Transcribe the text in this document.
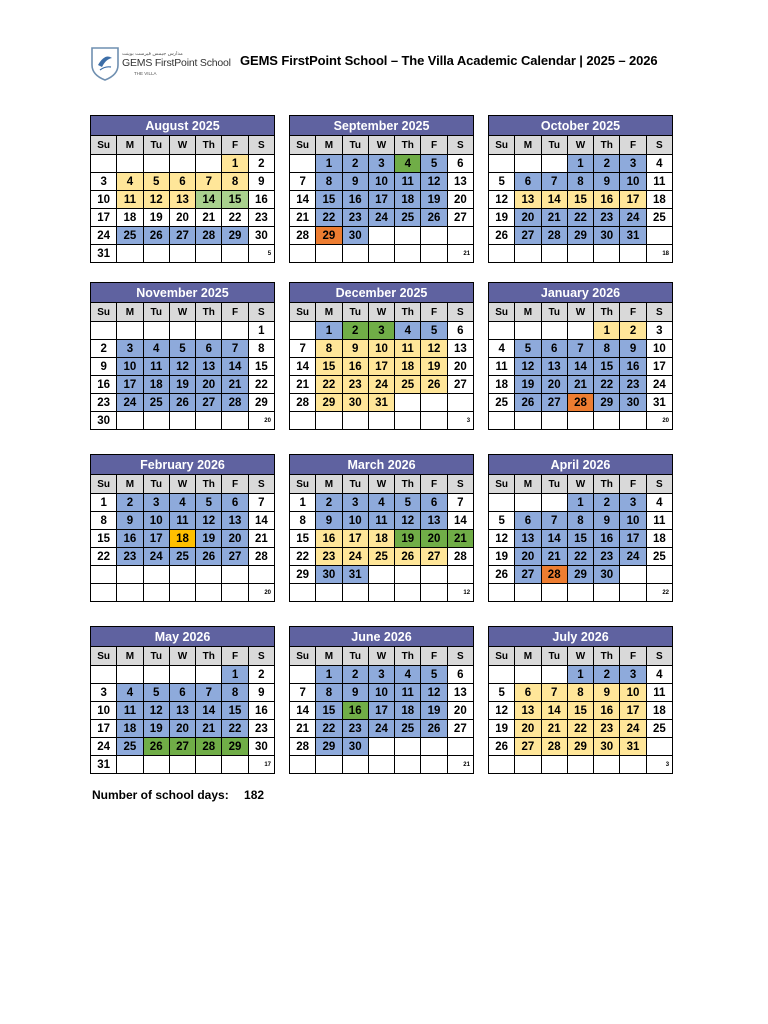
مدارس جيمس فيرست بوينت
GEMS FirstPoint School
THE VILLA
GEMS FirstPoint School – The Villa Academic Calendar | 2025 – 2026
August 2025						
Su	M	Tu	W	Th	F	S
					1	2
3	4	5	6	7	8	9
10	11	12	13	14	15	16
17	18	19	20	21	22	23
24	25	26	27	28	29	30
31						5
September 2025						
Su	M	Tu	W	Th	F	S
	1	2	3	4	5	6
7	8	9	10	11	12	13
14	15	16	17	18	19	20
21	22	23	24	25	26	27
28	29	30				
						21
October 2025						
Su	M	Tu	W	Th	F	S
			1	2	3	4
5	6	7	8	9	10	11
12	13	14	15	16	17	18
19	20	21	22	23	24	25
26	27	28	29	30	31	
						18
November 2025						
Su	M	Tu	W	Th	F	S
						1
2	3	4	5	6	7	8
9	10	11	12	13	14	15
16	17	18	19	20	21	22
23	24	25	26	27	28	29
30						20
December 2025						
Su	M	Tu	W	Th	F	S
	1	2	3	4	5	6
7	8	9	10	11	12	13
14	15	16	17	18	19	20
21	22	23	24	25	26	27
28	29	30	31			
						3
January 2026						
Su	M	Tu	W	Th	F	S
				1	2	3
4	5	6	7	8	9	10
11	12	13	14	15	16	17
18	19	20	21	22	23	24
25	26	27	28	29	30	31
						20
February 2026						
Su	M	Tu	W	Th	F	S
1	2	3	4	5	6	7
8	9	10	11	12	13	14
15	16	17	18	19	20	21
22	23	24	25	26	27	28

						20
March 2026						
Su	M	Tu	W	Th	F	S
1	2	3	4	5	6	7
8	9	10	11	12	13	14
15	16	17	18	19	20	21
22	23	24	25	26	27	28
29	30	31				
						12
April 2026						
Su	M	Tu	W	Th	F	S
			1	2	3	4
5	6	7	8	9	10	11
12	13	14	15	16	17	18
19	20	21	22	23	24	25
26	27	28	29	30		
						22
May 2026						
Su	M	Tu	W	Th	F	S
					1	2
3	4	5	6	7	8	9
10	11	12	13	14	15	16
17	18	19	20	21	22	23
24	25	26	27	28	29	30
31						17
June 2026						
Su	M	Tu	W	Th	F	S
	1	2	3	4	5	6
7	8	9	10	11	12	13
14	15	16	17	18	19	20
21	22	23	24	25	26	27
28	29	30				
						21
July 2026						
Su	M	Tu	W	Th	F	S
			1	2	3	4
5	6	7	8	9	10	11
12	13	14	15	16	17	18
19	20	21	22	23	24	25
26	27	28	29	30	31	
						3
Number of school days: 182
